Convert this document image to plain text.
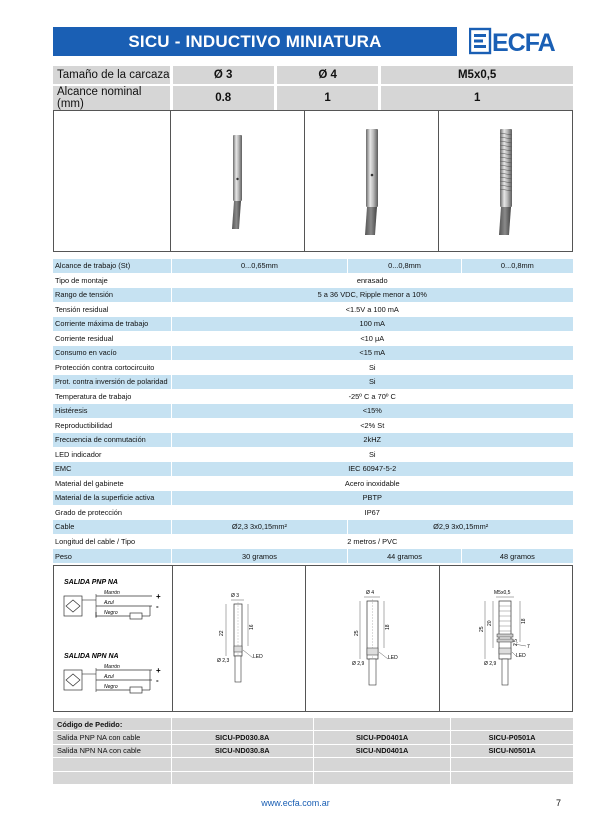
SICU - INDUCTIVO MINIATURA	ECFA
Tamaño de la carcaza	Ø 3	Ø 4	M5x0,5
Alcance nominal (mm)	0.8	1	1
Alcance de trabajo (St)	0...0,65mm	0...0,8mm	0...0,8mm
Tipo de montaje	enrasado		
Rango de tensión	5 a 36 VDC, Ripple menor a 10%		
Tensión residual	<1.5V a 100 mA		
Corriente máxima de trabajo	100 mA		
Corriente residual	<10 μA		
Consumo en vacío	<15 mA		
Protección contra cortocircuito	Si		
Prot. contra inversión de polaridad	Si		
Temperatura de trabajo	-25º C a 70º C		
Histéresis	<15%		
Reproductibilidad	<2% St		
Frecuencia de conmutación	2kHZ		
LED indicador	Si		
EMC	IEC 60947-5-2		
Material del gabinete	Acero inoxidable		
Material de la superficie activa	PBTP		
Grado de protección	IP67		
Cable	Ø2,3 3x0,15mm²	Ø2,9 3x0,15mm²	
Longitud del cable / Tipo	2 metros / PVC		
Peso	30 gramos	44 gramos	48 gramos
SALIDA PNP NA
Marrón
Azul
Negro
+
-
SALIDA NPN NA
Marrón
Azul
Negro
+
-
Ø 3
22
16
Ø 2,3
LED
Ø 4
25
18
Ø 2,9
LED
M5x0,5
25
20	18
2,5
7
Ø 2,9
LED
Código de Pedido:			
Salida PNP NA con cable	SICU-PD030.8A	SICU-PD0401A	SICU-P0501A
Salida NPN NA con cable	SICU-ND030.8A	SICU-ND0401A	SICU-N0501A

www.ecfa.com.ar	7
